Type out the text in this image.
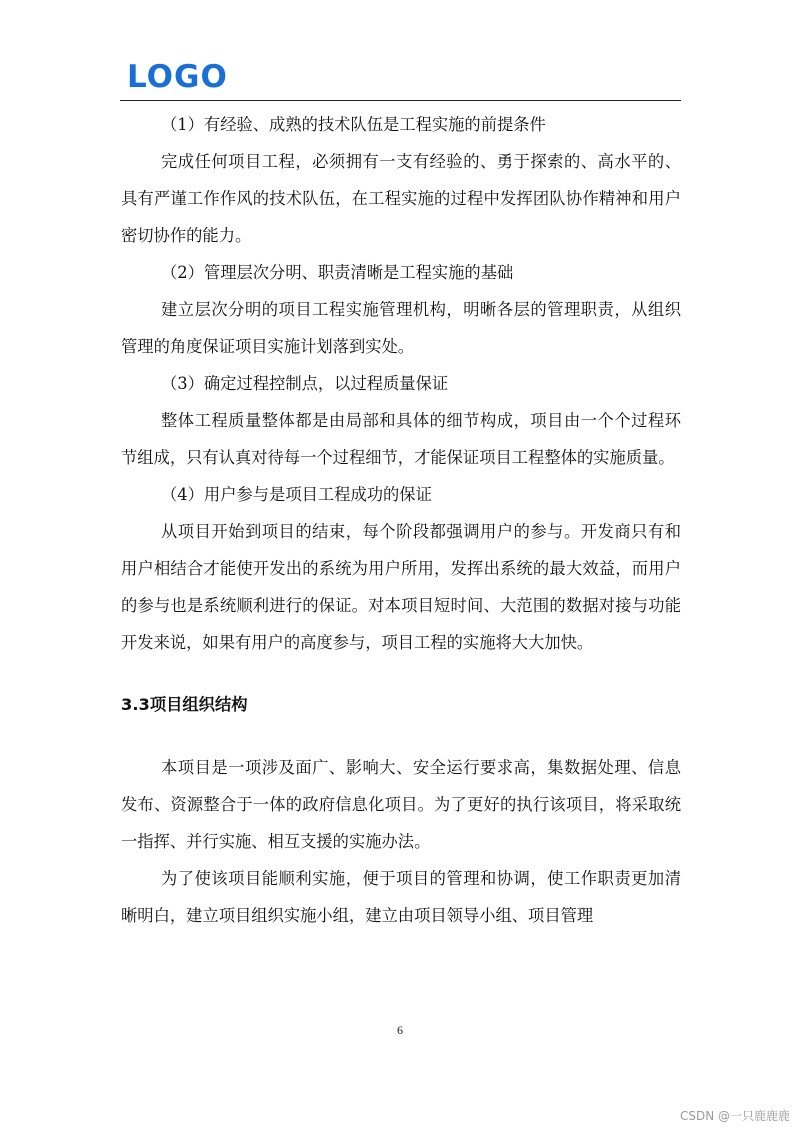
LOGO

（1）有经验、成熟的技术队伍是工程实施的前提条件

完成任何项目工程，必须拥有一支有经验的、勇于探索的、高水平的、具有严谨工作作风的技术队伍，在工程实施的过程中发挥团队协作精神和用户密切协作的能力。

（2）管理层次分明、职责清晰是工程实施的基础

建立层次分明的项目工程实施管理机构，明晰各层的管理职责，从组织管理的角度保证项目实施计划落到实处。

（3）确定过程控制点，以过程质量保证

整体工程质量整体都是由局部和具体的细节构成，项目由一个个过程环节组成，只有认真对待每一个过程细节，才能保证项目工程整体的实施质量。

（4）用户参与是项目工程成功的保证

从项目开始到项目的结束，每个阶段都强调用户的参与。开发商只有和用户相结合才能使开发出的系统为用户所用，发挥出系统的最大效益，而用户的参与也是系统顺利进行的保证。对本项目短时间、大范围的数据对接与功能开发来说，如果有用户的高度参与，项目工程的实施将大大加快。

3.3项目组织结构

本项目是一项涉及面广、影响大、安全运行要求高，集数据处理、信息发布、资源整合于一体的政府信息化项目。为了更好的执行该项目，将采取统一指挥、并行实施、相互支援的实施办法。

为了使该项目能顺利实施，便于项目的管理和协调，使工作职责更加清晰明白，建立项目组织实施小组，建立由项目领导小组、项目管理

6
CSDN @一只鹿鹿鹿
